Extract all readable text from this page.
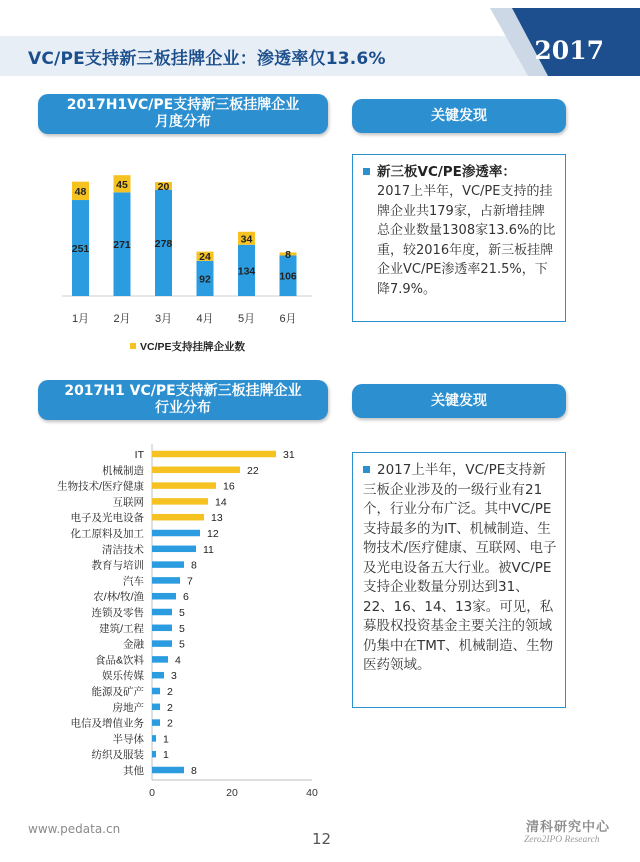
2017
VC/PE支持新三板挂牌企业：渗透率仅13.6%
2017H1VC/PE支持新三板挂牌企业
月度分布	关键发现
251
48
1月
271
45
2月
278
20
3月
92
24
4月
134
34
5月
106
8
6月
VC/PE支持挂牌企业数
新三板VC/PE渗透率：
2017上半年，VC/PE支持的挂牌企业共179家，占新增挂牌总企业数量1308家13.6%的比重，较2016年度，新三板挂牌企业VC/PE渗透率21.5%，下降7.9%。
2017H1 VC/PE支持新三板挂牌企业
行业分布	关键发现
IT	31
机械制造	22
生物技术/医疗健康	16
互联网	14
电子及光电设备	13
化工原料及加工	12
清洁技术	11
教育与培训	8
汽车	7
农/林/牧/渔	6
连锁及零售	5
建筑/工程	5
金融	5
食品&饮料	4
娱乐传媒	3
能源及矿产 2
房地产 2
电信及增值业务 2
半导体 1
纺织及服装 1
其他	8
0	20	40
2017上半年，VC/PE支持新三板企业涉及的一级行业有21个，行业分布广泛。其中VC/PE支持最多的为IT、机械制造、生物技术/医疗健康、互联网、电子及光电设备五大行业。被VC/PE支持企业数量分别达到31、22、16、14、13家。可见，私募股权投资基金主要关注的领域仍集中在TMT、机械制造、生物医药领域。
www.pedata.cn
12
清科研究中心
Zero2IPO Research
